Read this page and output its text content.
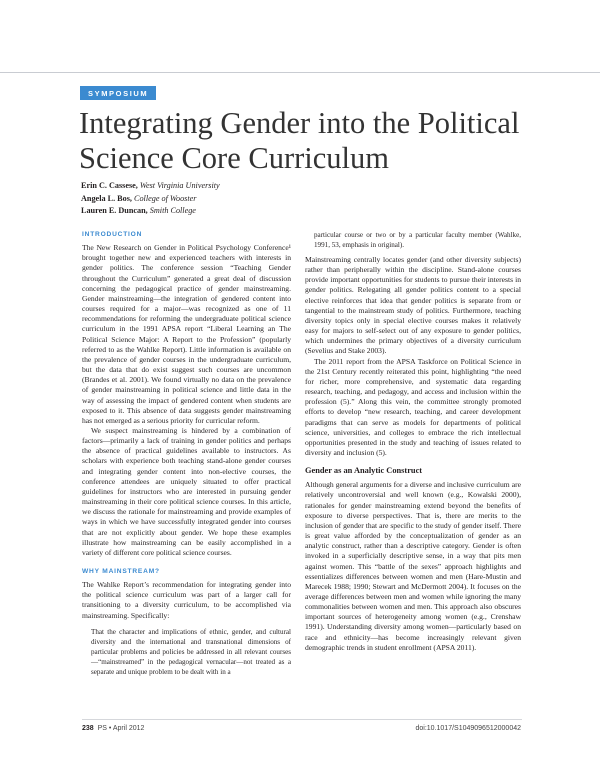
SYMPOSIUM
Integrating Gender into the Political Science Core Curriculum
Erin C. Cassese, West Virginia University
Angela L. Bos, College of Wooster
Lauren E. Duncan, Smith College
INTRODUCTION

The New Research on Gender in Political Psychology Conference¹ brought together new and experienced teachers with interests in gender politics. The conference session “Teaching Gender throughout the Curriculum” generated a great deal of discussion concerning the pedagogical practice of gender mainstreaming. Gender mainstreaming—the integration of gendered content into courses required for a major—was recognized as one of 11 recommendations for reforming the undergraduate political science curriculum in the 1991 APSA report “Liberal Learning an The Political Science Major: A Report to the Profession” (popularly referred to as the Wahlke Report). Little information is available on the prevalence of gender courses in the undergraduate curriculum, but the data that do exist suggest such courses are uncommon (Brandes et al. 2001). We found virtually no data on the prevalence of gender mainstreaming in political science and little data in the way of assessing the impact of gendered content when students are exposed to it. This absence of data suggests gender mainstreaming has not emerged as a serious priority for curricular reform.

We suspect mainstreaming is hindered by a combination of factors—primarily a lack of training in gender politics and perhaps the absence of practical guidelines available to instructors. As scholars with experience both teaching stand-alone gender courses and integrating gender content into non-elective courses, the conference attendees are uniquely situated to offer practical guidelines for instructors who are interested in pursuing gender mainstreaming in their core political science courses. In this article, we discuss the rationale for mainstreaming and provide examples of ways in which we have successfully integrated gender into courses that are not explicitly about gender. We hope these examples illustrate how mainstreaming can be easily accomplished in a variety of different core political science courses.

WHY MAINSTREAM?

The Wahlke Report’s recommendation for integrating gender into the political science curriculum was part of a larger call for transitioning to a diversity curriculum, to be accomplished via mainstreaming. Specifically:

That the character and implications of ethnic, gender, and cultural diversity and the international and transnational dimensions of particular problems and policies be addressed in all relevant courses—“mainstreamed” in the pedagogical vernacular—not treated as a separate and unique problem to be dealt with in a

particular course or two or by a particular faculty member (Wahlke, 1991, 53, emphasis in original).

Mainstreaming centrally locates gender (and other diversity subjects) rather than peripherally within the discipline. Stand-alone courses provide important opportunities for students to pursue their interests in gender politics. Relegating all gender politics content to a special elective reinforces that idea that gender politics is separate from or tangential to the mainstream study of politics. Furthermore, teaching diversity topics only in special elective courses makes it relatively easy for majors to self-select out of any exposure to gender politics, which undermines the primary objectives of a diversity curriculum (Sevelius and Stake 2003).

The 2011 report from the APSA Taskforce on Political Science in the 21st Century recently reiterated this point, highlighting “the need for richer, more comprehensive, and systematic data regarding research, teaching, and pedagogy, and access and inclusion within the profession (5).” Along this vein, the committee strongly promoted efforts to develop “new research, teaching, and career development paradigms that can serve as models for departments of political science, universities, and colleges to embrace the rich intellectual opportunities presented in the study and teaching of issues related to diversity and inclusion (5).

Gender as an Analytic Construct

Although general arguments for a diverse and inclusive curriculum are relatively uncontroversial and well known (e.g., Kowalski 2000), rationales for gender mainstreaming extend beyond the benefits of exposure to diverse perspectives. That is, there are merits to the inclusion of gender that are specific to the study of gender itself. There is great value afforded by the conceptualization of gender as an analytic construct, rather than a descriptive category. Gender is often invoked in a superficially descriptive sense, in a way that pits men against women. This “battle of the sexes” approach highlights and essentializes differences between women and men (Hare-Mustin and Marecek 1988; 1990; Stewart and McDermott 2004). It focuses on the average differences between men and women while ignoring the many commonalities between women and men. This approach also obscures important sources of heterogeneity among women (e.g., Crenshaw 1991). Understanding diversity among women—particularly based on race and ethnicity—has become increasingly relevant given demographic trends in student enrollment (APSA 2011).

238 PS • April 2012	doi:10.1017/S1049096512000042
